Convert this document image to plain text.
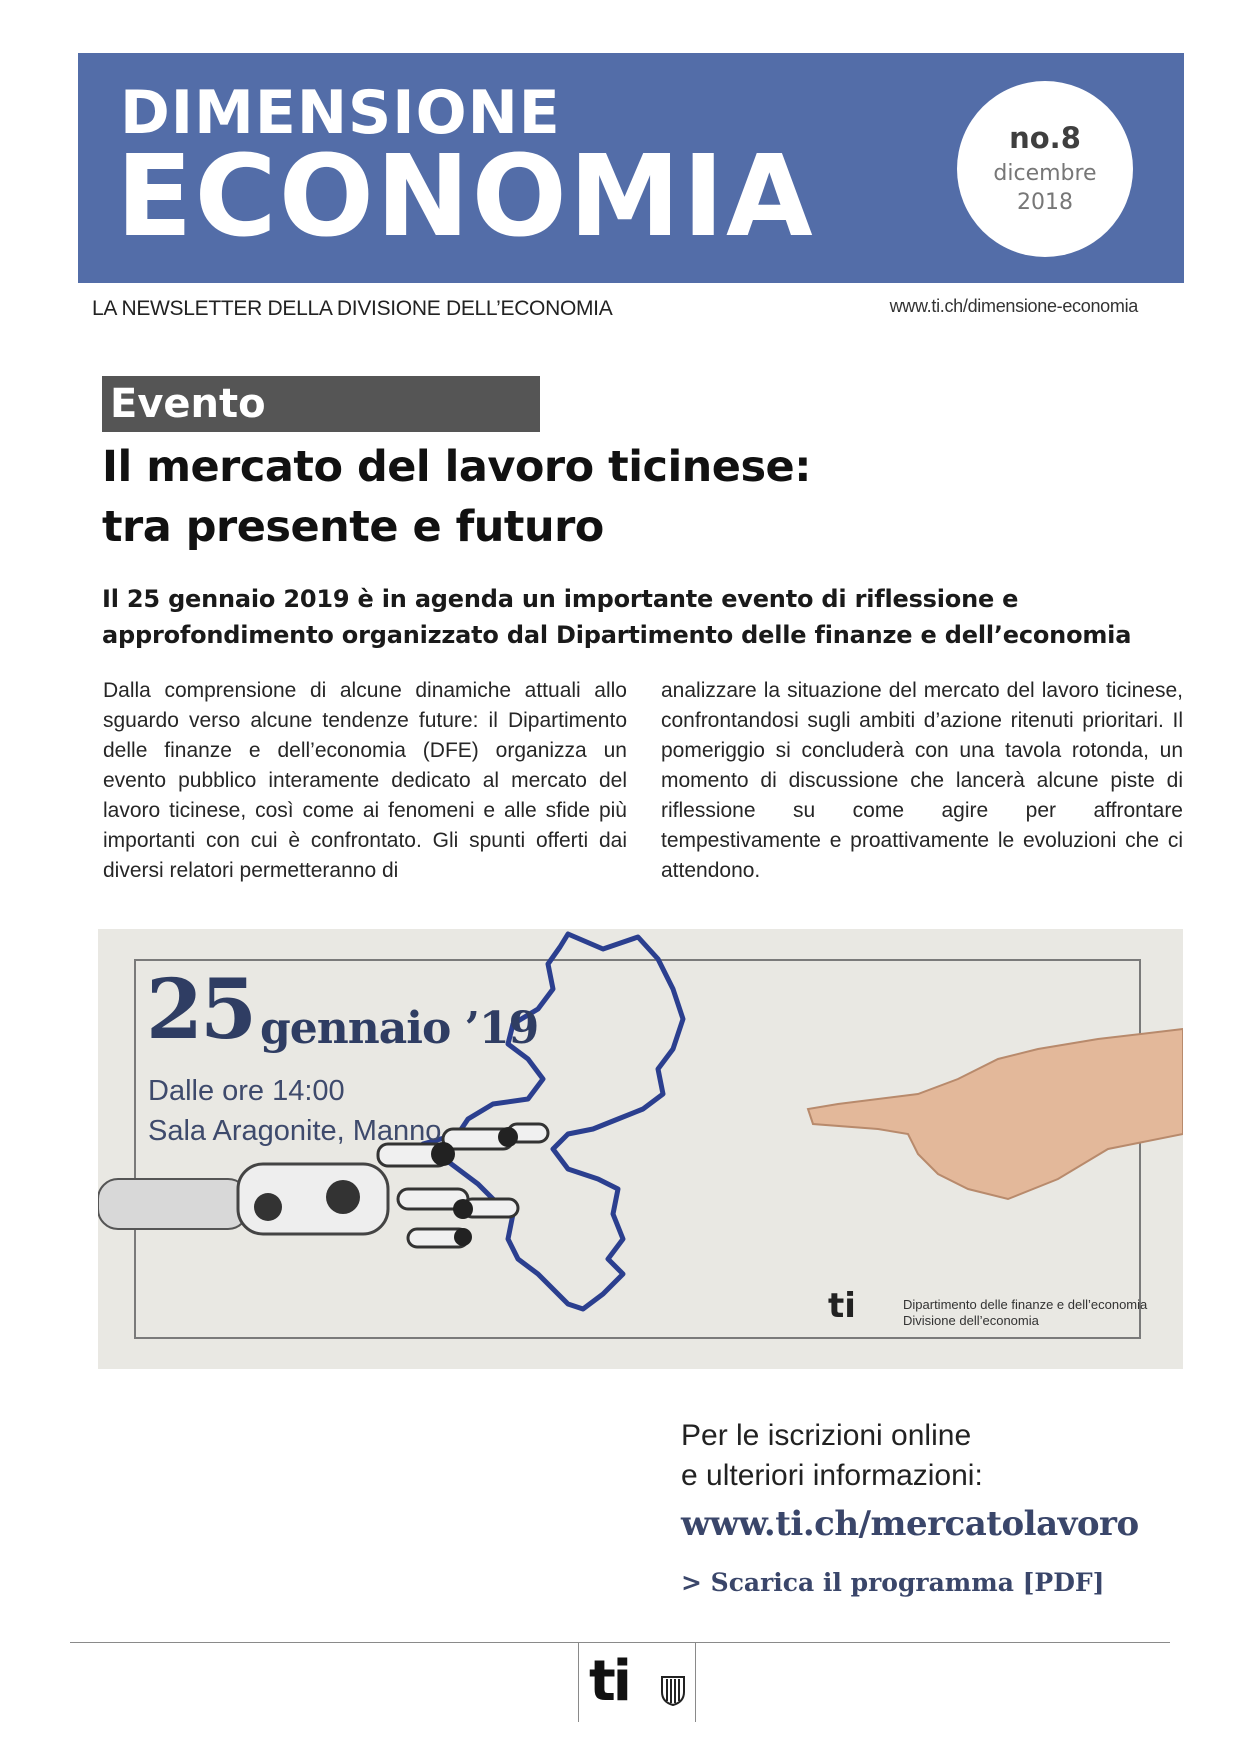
DIMENSIONE
ECONOMIA	no.8
dicembre
2018
LA NEWSLETTER DELLA DIVISIONE DELL’ECONOMIA	www.ti.ch/dimensione-economia
Evento
Il mercato del lavoro ticinese:
tra presente e futuro
Il 25 gennaio 2019 è in agenda un importante evento di riflessione e
approfondimento organizzato dal Dipartimento delle finanze e dell’economia

Dalla comprensione di alcune dinamiche attuali allo sguardo verso alcune tendenze future: il Dipartimento delle finanze e dell’economia (DFE) organizza un evento pubblico interamente dedicato al mercato del lavoro ticinese, così come ai fenomeni e alle sfide più importanti con cui è confrontato. Gli spunti offerti dai diversi relatori permetteranno di

analizzare la situazione del mercato del lavoro ticinese, confrontandosi sugli ambiti d’azione ritenuti prioritari. Il pomeriggio si concluderà con una tavola rotonda, un momento di discussione che lancerà alcune piste di riflessione su come agire per affrontare tempestivamente e proattivamente le evoluzioni che ci attendono.

25 gennaio ’19
Dalle ore 14:00
Sala Aragonite, Manno
ti	Dipartimento delle finanze e dell’economia
Divisione dell’economia
Per le iscrizioni online
e ulteriori informazioni:
www.ti.ch/mercatolavoro
> Scarica il programma [PDF]
ti
